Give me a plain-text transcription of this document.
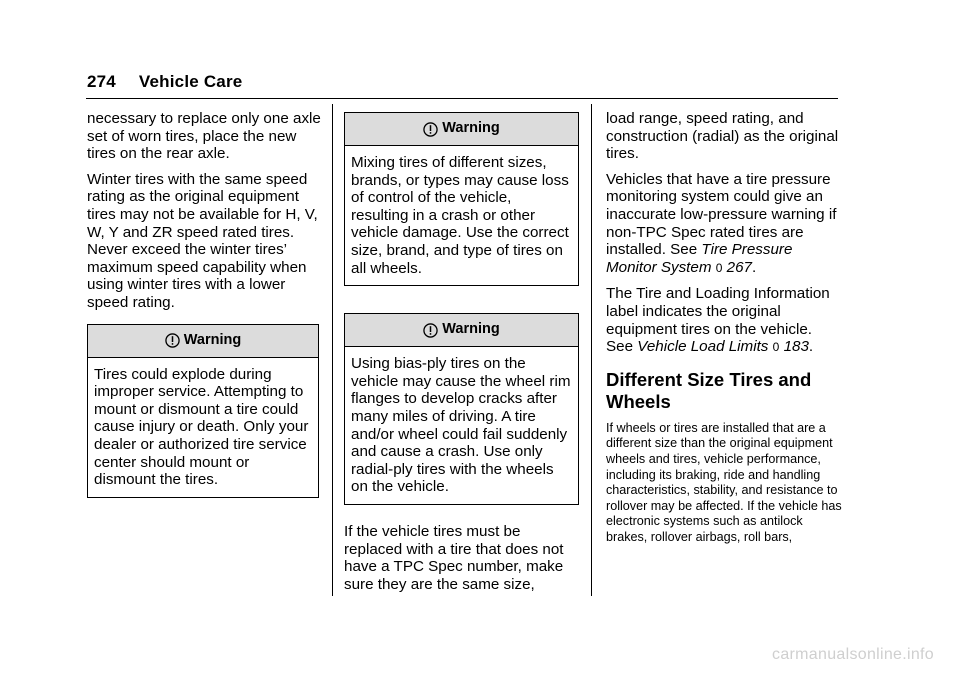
274 Vehicle Care

necessary to replace only one axle set of worn tires, place the new tires on the rear axle.

Winter tires with the same speed rating as the original equipment tires may not be available for H, V, W, Y and ZR speed rated tires. Never exceed the winter tires’ maximum speed capability when using winter tires with a lower speed rating.

Warning
Tires could explode during improper service. Attempting to mount or dismount a tire could cause injury or death. Only your dealer or authorized tire service center should mount or dismount the tires.
Warning
Mixing tires of different sizes, brands, or types may cause loss of control of the vehicle, resulting in a crash or other vehicle damage. Use the correct size, brand, and type of tires on all wheels.
Warning
Using bias-ply tires on the vehicle may cause the wheel rim flanges to develop cracks after many miles of driving. A tire and/or wheel could fail suddenly and cause a crash. Use only radial-ply tires with the wheels on the vehicle.

If the vehicle tires must be replaced with a tire that does not have a TPC Spec number, make sure they are the same size,

load range, speed rating, and construction (radial) as the original tires.

Vehicles that have a tire pressure monitoring system could give an inaccurate low-pressure warning if non-TPC Spec rated tires are installed. See Tire Pressure Monitor System 0 267.

The Tire and Loading Information label indicates the original equipment tires on the vehicle. See Vehicle Load Limits 0 183.

Different Size Tires and Wheels

If wheels or tires are installed that are a different size than the original equipment wheels and tires, vehicle performance, including its braking, ride and handling characteristics, stability, and resistance to rollover may be affected. If the vehicle has electronic systems such as antilock brakes, rollover airbags, roll bars,

carmanualsonline.info
